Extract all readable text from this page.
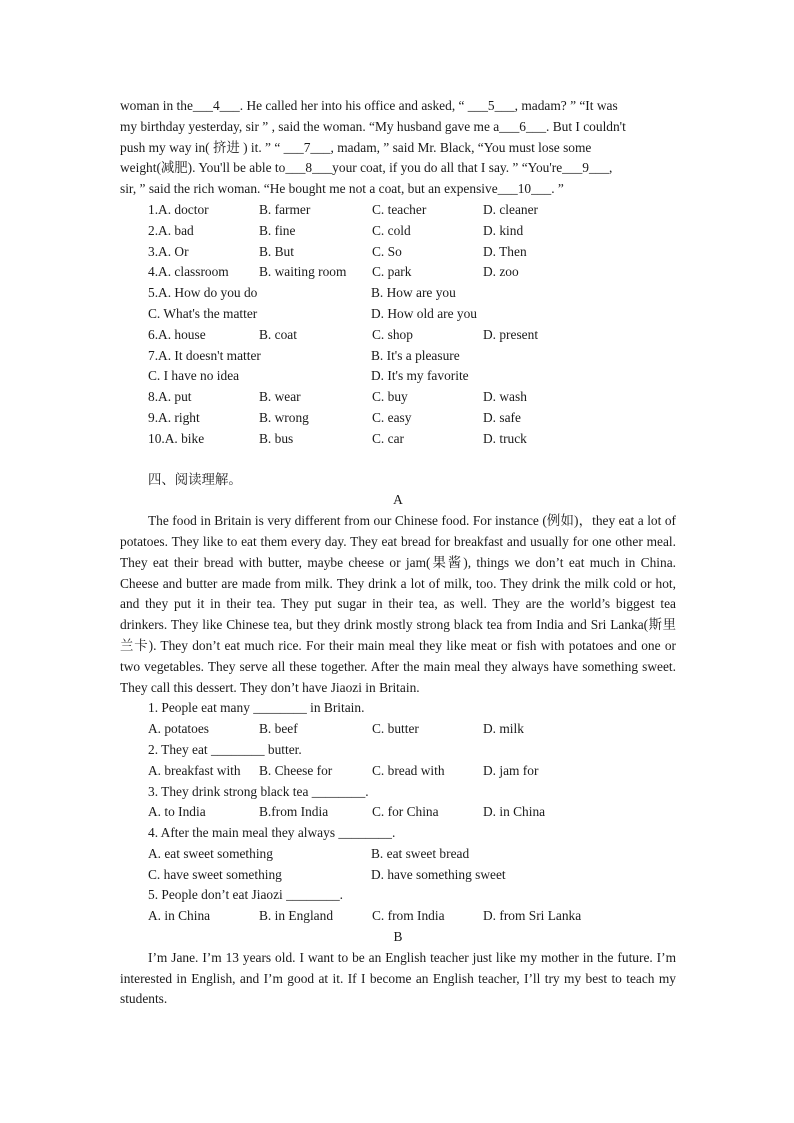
woman in the___4___. He called her into his office and asked, “ ___5___, madam? ” “It was
my birthday yesterday, sir ” , said the woman. “My husband gave me a___6___. But I couldn't
push my way in( 挤进 ) it. ” “ ___7___, madam, ” said Mr. Black, “You must lose some
weight(减肥). You'll be able to___8___your coat, if you do all that I say. ” “You're___9___,
sir, ” said the rich woman. “He bought me not a coat, but an expensive___10___. ”
1.A. doctor	B. farmer	C. teacher	D. cleaner
2.A. bad	B. fine	C. cold	D. kind
3.A. Or	B. But	C. So	D. Then
4.A. classroom B. waiting room C. park	D. zoo
5.A. How do you do	B. How are you
C. What's the matter	D. How old are you
6.A. house	B. coat	C. shop	D. present
7.A. It doesn't matter	B. It's a pleasure
C. I have no idea	D. It's my favorite
8.A. put	B. wear	C. buy	D. wash
9.A. right	B. wrong	C. easy	D. safe
10.A. bike	B. bus	C. car	D. truck
四、阅读理解。
A

The food in Britain is very different from our Chinese food. For instance (例如)，they eat a lot of potatoes. They like to eat them every day. They eat bread for breakfast and usually for one other meal. They eat their bread with butter, maybe cheese or jam(果酱), things we don’t eat much in China. Cheese and butter are made from milk. They drink a lot of milk, too. They drink the milk cold or hot, and they put it in their tea. They put sugar in their tea, as well. They are the world’s biggest tea drinkers. They like Chinese tea, but they drink mostly strong black tea from India and Sri Lanka(斯里兰卡). They don’t eat much rice. For their main meal they like meat or fish with potatoes and one or two vegetables. They serve all these together. After the main meal they always have something sweet. They call this dessert. They don’t have Jiaozi in Britain.

1. People eat many ________ in Britain.
A. potatoes	B. beef	C. butter	D. milk
2. They eat ________ butter.
A. breakfast with B. Cheese for	C. bread with	D. jam for
3. They drink strong black tea ________.
A. to India	B.from India	C. for China	D. in China
4. After the main meal they always ________.
A. eat sweet something	B. eat sweet bread
C. have sweet something	D. have something sweet
5. People don’t eat Jiaozi ________.
A. in China	B. in England	C. from India	D. from Sri Lanka
B

I’m Jane. I’m 13 years old. I want to be an English teacher just like my mother in the future. I’m interested in English, and I’m good at it. If I become an English teacher, I’ll try my best to teach my students.
